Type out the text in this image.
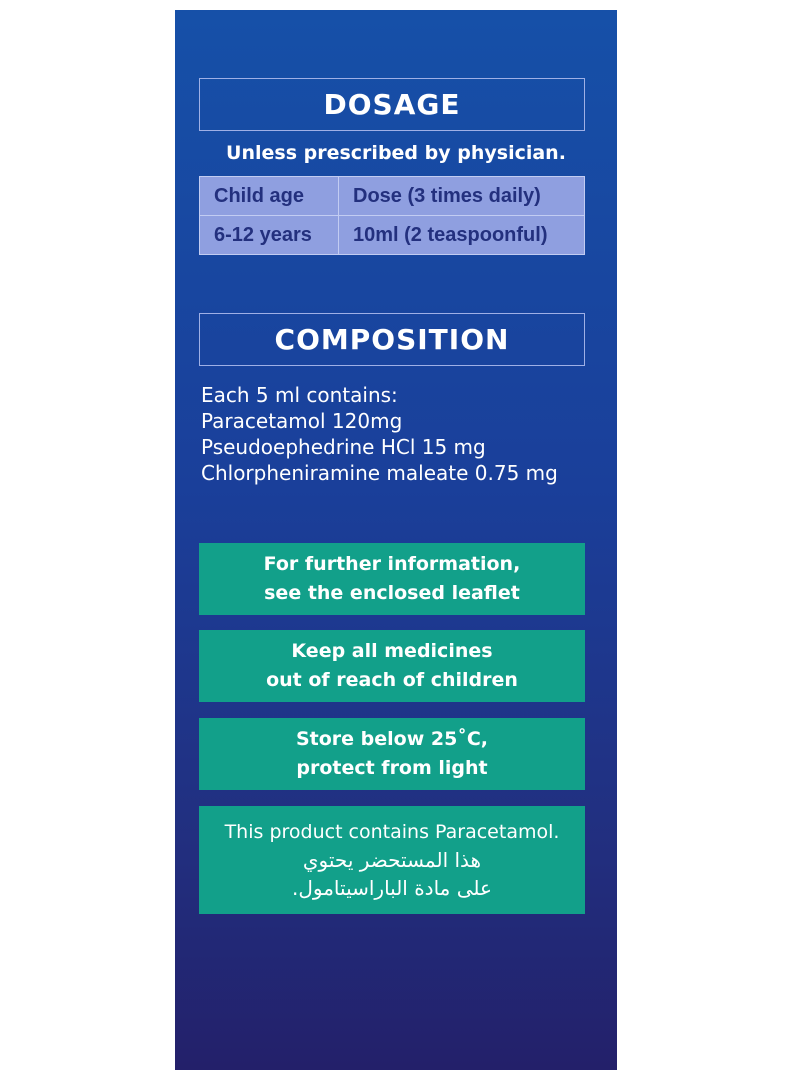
DOSAGE
Unless prescribed by physician.
Child age	Dose (3 times daily)
6-12 years	10ml (2 teaspoonful)
COMPOSITION
Each 5 ml contains:
Paracetamol 120mg
Pseudoephedrine HCl 15 mg
Chlorpheniramine maleate 0.75 mg
For further information,
see the enclosed leaflet
Keep all medicines
out of reach of children
Store below 25˚C,
protect from light
This product contains Paracetamol.
هذا المستحضر يحتوي
على مادة الباراسيتامول.
